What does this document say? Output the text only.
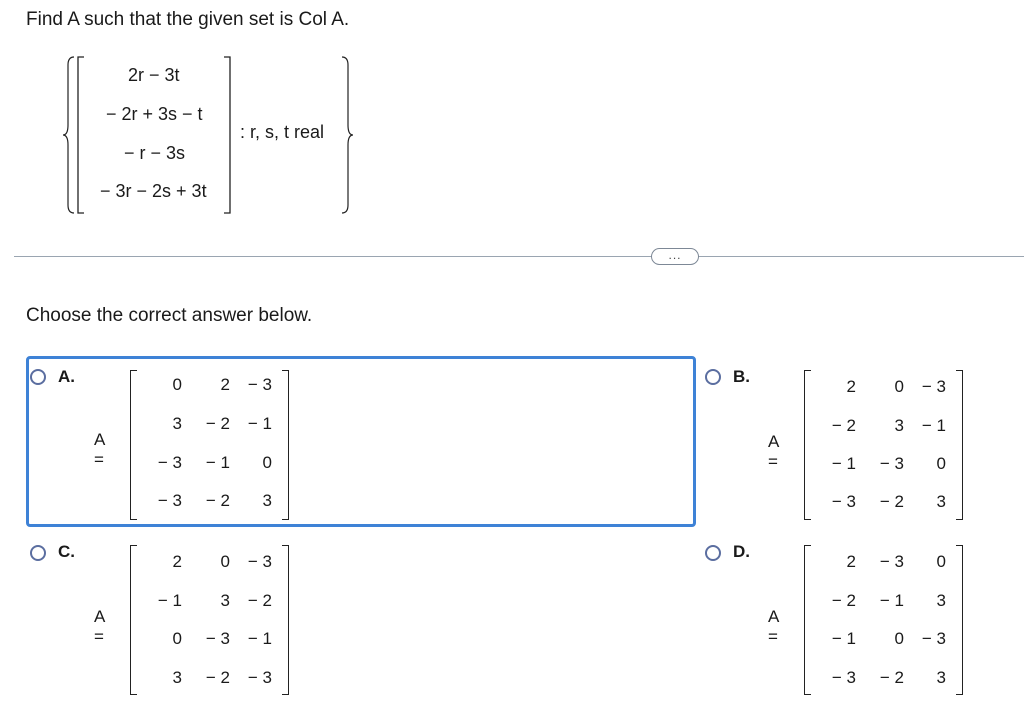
Find A such that the given set is Col A.
2r − 3t
− 2r + 3s − t
− r − 3s
− 3r − 2s + 3t
: r, s, t real
...
Choose the correct answer below.
A.
A =
0	2	− 3
3	− 2	− 1
− 3	− 1	0
− 3	− 2	3
B.
A =
2	0	− 3
− 2	3	− 1
− 1	− 3	0
− 3	− 2	3
C.
A =
2	0	− 3
− 1	3	− 2
0	− 3	− 1
3	− 2	− 3
D.
A =
2	− 3	0
− 2	− 1	3
− 1	0	− 3
− 3	− 2	3
